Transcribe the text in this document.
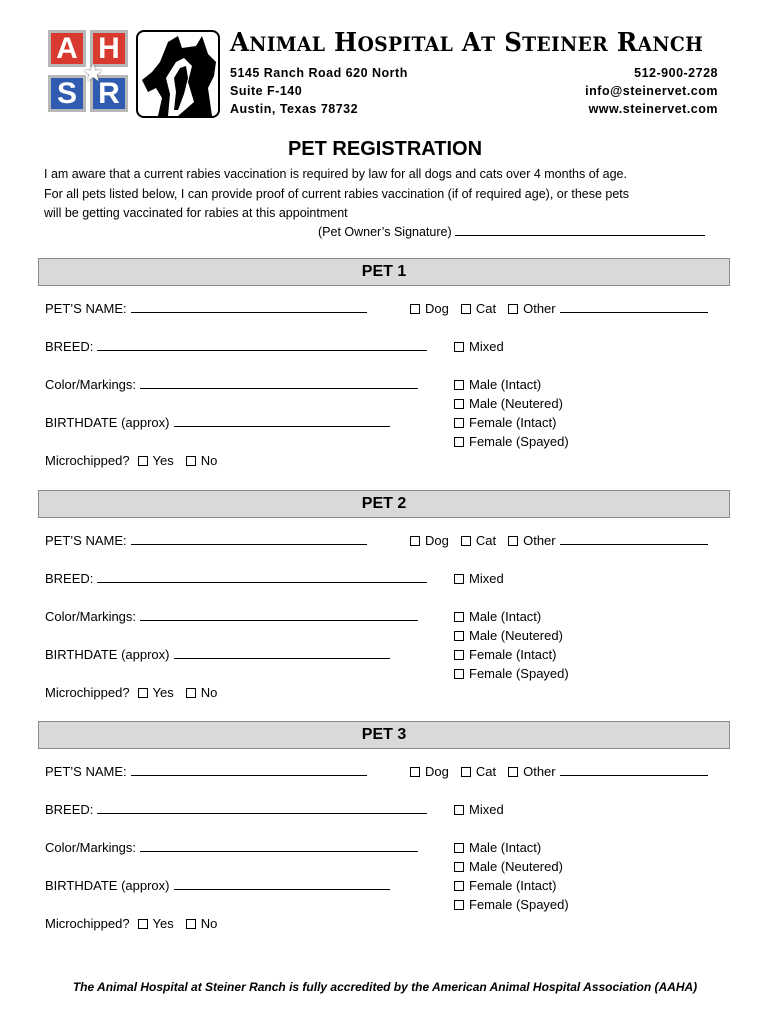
A H
S R
★
ANIMAL HOSPITAL AT STEINER RANCH
5145 Ranch Road 620 North
Suite F-140
Austin, Texas 78732
512-900-2728
info@steinervet.com
www.steinervet.com
PET REGISTRATION
I am aware that a current rabies vaccination is required by law for all dogs and cats over 4 months of age.
For all pets listed below, I can provide proof of current rabies vaccination (if of required age), or these pets
will be getting vaccinated for rabies at this appointment
(Pet Owner’s Signature)
PET 1
PET’S NAME:	Dog Cat Other
BREED:	Mixed
Color/Markings:	Male (Intact)
Male (Neutered)
Female (Intact)
Female (Spayed)
BIRTHDATE (approx)
Microchipped? Yes No
PET 2
PET’S NAME:	Dog Cat Other
BREED:	Mixed
Color/Markings:	Male (Intact)
Male (Neutered)
Female (Intact)
Female (Spayed)
BIRTHDATE (approx)
Microchipped? Yes No
PET 3
PET’S NAME:	Dog Cat Other
BREED:	Mixed
Color/Markings:	Male (Intact)
Male (Neutered)
Female (Intact)
Female (Spayed)
BIRTHDATE (approx)
Microchipped? Yes No
The Animal Hospital at Steiner Ranch is fully accredited by the American Animal Hospital Association (AAHA)
